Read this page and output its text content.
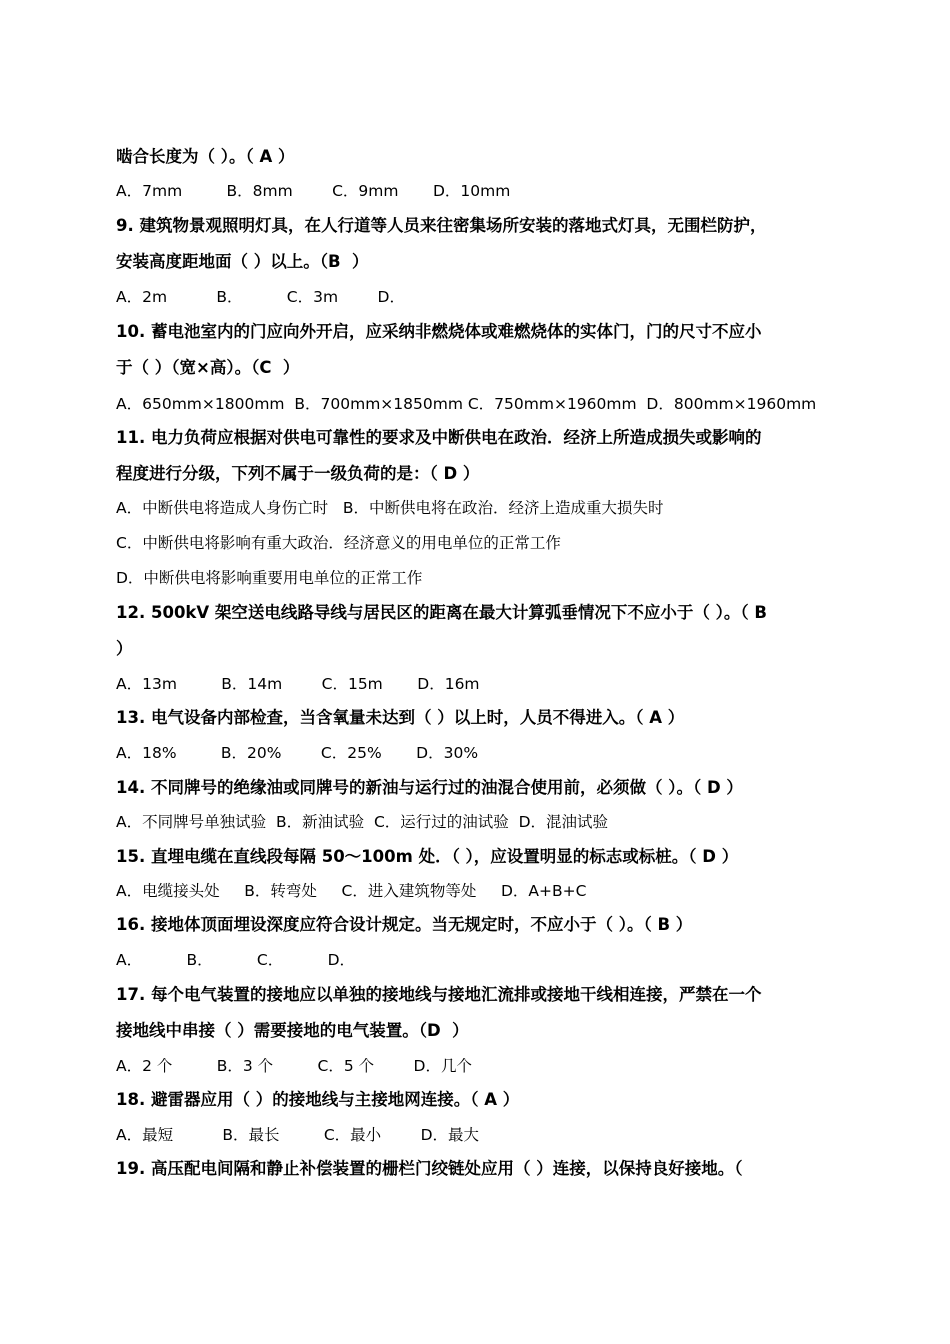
啮合长度为（ ）。（ A ）
A．7mm         B．8mm        C．9mm       D．10mm
9. 建筑物景观照明灯具，在人行道等人员来往密集场所安装的落地式灯具，无围栏防护，
安装高度距地面（ ）以上。（B  ）
A．2m          B．         C．3m        D．
10. 蓄电池室内的门应向外开启，应采纳非燃烧体或难燃烧体的实体门，门的尺寸不应小
于（ ）（宽×高）。（C  ）
A．650mm×1800mm  B．700mm×1850mm C．750mm×1960mm  D．800mm×1960mm
11. 电力负荷应根据对供电可靠性的要求及中断供电在政治．经济上所造成损失或影响的
程度进行分级，下列不属于一级负荷的是：（ D ）
A．中断供电将造成人身伤亡时   B．中断供电将在政治．经济上造成重大损失时
C．中断供电将影响有重大政治．经济意义的用电单位的正常工作
D．中断供电将影响重要用电单位的正常工作
12. 500kV 架空送电线路导线与居民区的距离在最大计算弧垂情况下不应小于（ ）。（ B
）
A．13m         B．14m        C．15m       D．16m
13. 电气设备内部检查，当含氧量未达到（ ）以上时，人员不得进入。（ A ）
A．18%         B．20%        C．25%       D．30%
14. 不同牌号的绝缘油或同牌号的新油与运行过的油混合使用前，必须做（ ）。（ D ）
A．不同牌号单独试验  B．新油试验  C．运行过的油试验  D．混油试验
15. 直埋电缆在直线段每隔 50～100m 处．（ ），应设置明显的标志或标桩。（ D ）
A．电缆接头处     B．转弯处     C．进入建筑物等处     D．A+B+C
16. 接地体顶面埋设深度应符合设计规定。当无规定时，不应小于（ ）。（ B ）
A．         B．         C．         D．
17. 每个电气装置的接地应以单独的接地线与接地汇流排或接地干线相连接，严禁在一个
接地线中串接（ ）需要接地的电气装置。（D  ）
A．2 个         B．3 个         C．5 个        D．几个
18. 避雷器应用（ ）的接地线与主接地网连接。（ A ）
A．最短          B．最长         C．最小        D．最大
19. 高压配电间隔和静止补偿装置的栅栏门绞链处应用（ ）连接，以保持良好接地。（
